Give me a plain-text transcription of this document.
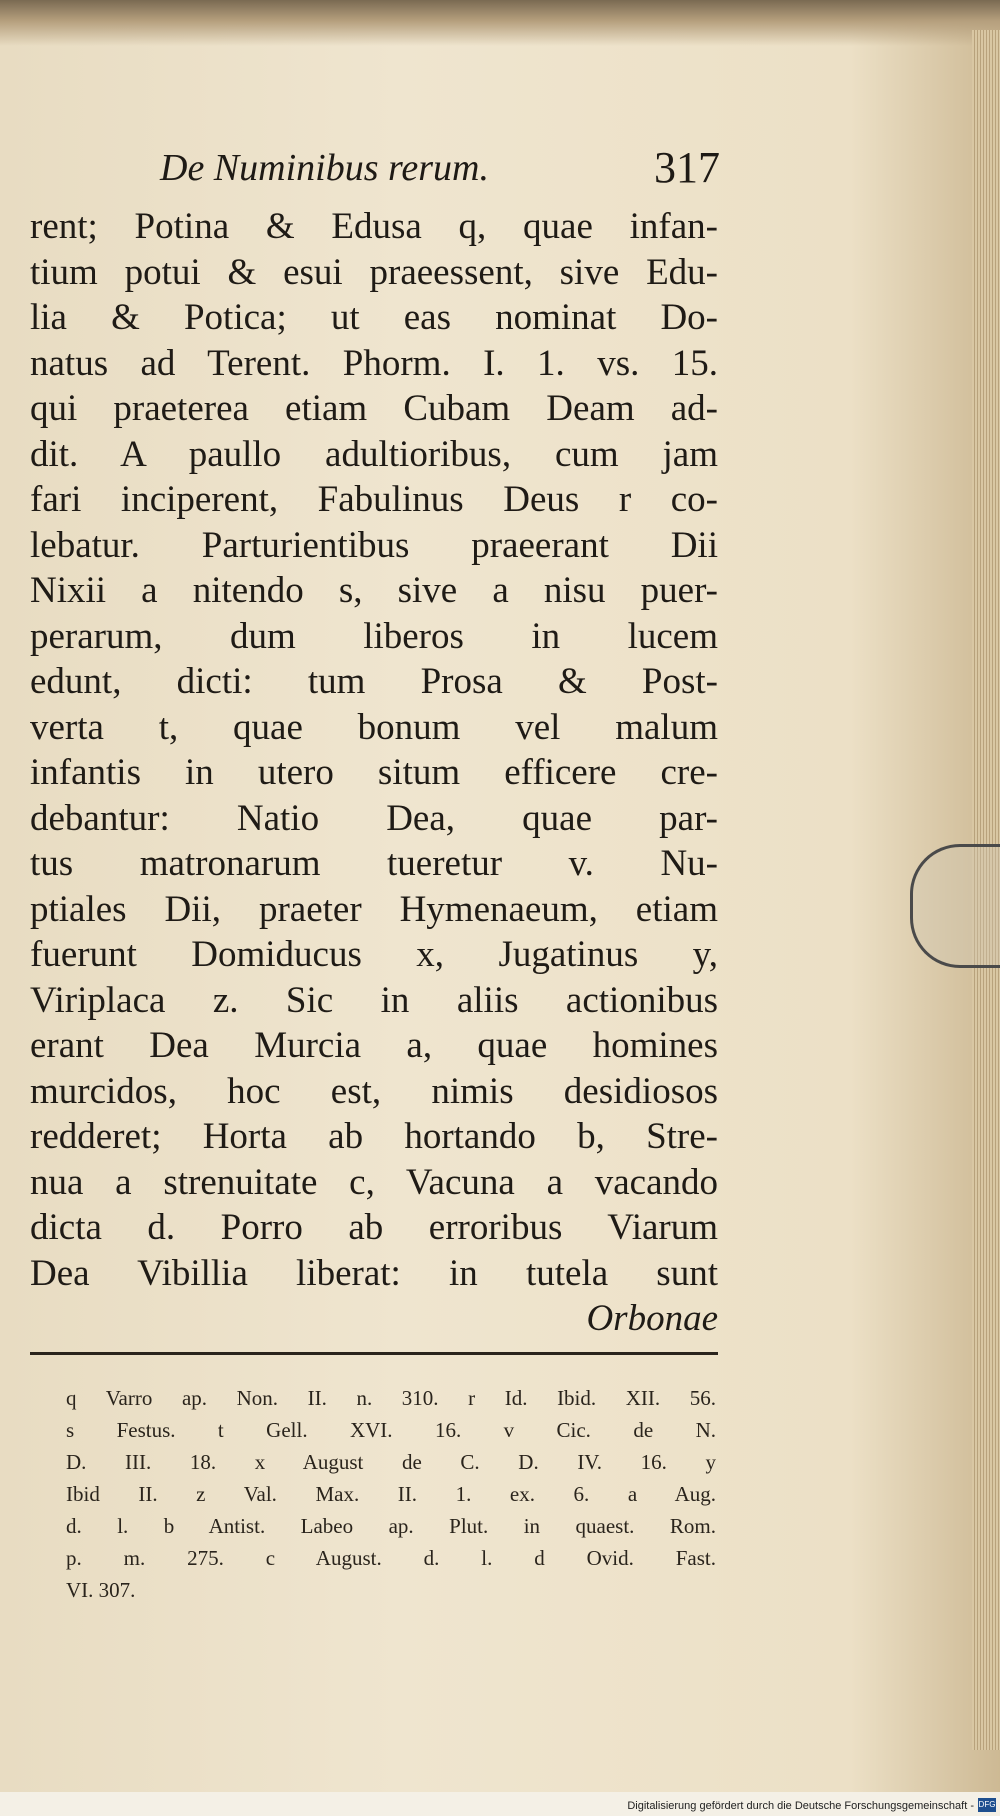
De Numinibus rerum.	317
rent; Potina & Edusa q, quae infan-
tium potui & esui praeessent, sive Edu-
lia & Potica; ut eas nominat Do-
natus ad Terent. Phorm. I. 1. vs. 15.
qui praeterea etiam Cubam Deam ad-
dit. A paullo adultioribus, cum jam
fari inciperent, Fabulinus Deus r co-
lebatur. Parturientibus praeerant Dii
Nixii a nitendo s, sive a nisu puer-
perarum, dum liberos in lucem
edunt, dicti: tum Prosa & Post-
verta t, quae bonum vel malum
infantis in utero situm efficere cre-
debantur: Natio Dea, quae par-
tus matronarum tueretur v. Nu-
ptiales Dii, praeter Hymenaeum, etiam
fuerunt Domiducus x, Jugatinus y,
Viriplaca z. Sic in aliis actionibus
erant Dea Murcia a, quae homines
murcidos, hoc est, nimis desidiosos
redderet; Horta ab hortando b, Stre-
nua a strenuitate c, Vacuna a vacando
dicta d. Porro ab erroribus Viarum
Dea Vibillia liberat: in tutela sunt
Orbonae
q Varro ap. Non. II. n. 310. r Id. Ibid. XII. 56.
s Festus. t Gell. XVI. 16. v Cic. de N.
D. III. 18. x August de C. D. IV. 16. y
Ibid II. z Val. Max. II. 1. ex. 6. a Aug.
d. l. b Antist. Labeo ap. Plut. in quaest. Rom.
p. m. 275. c August. d. l. d Ovid. Fast.
VI. 307.
Digitalisierung gefördert durch die Deutsche Forschungsgemeinschaft - DFG
